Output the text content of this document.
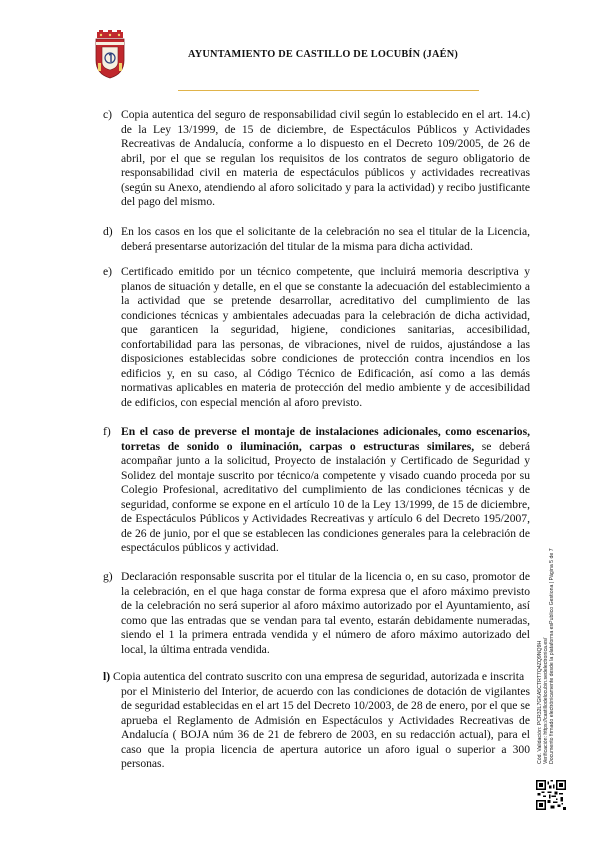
AYUNTAMIENTO DE CASTILLO DE LOCUBÍN (JAÉN)
c) Copia autentica del seguro de responsabilidad civil según lo establecido en el art. 14.c) de la Ley 13/1999, de 15 de diciembre, de Espectáculos Públicos y Actividades Recreativas de Andalucía, conforme a lo dispuesto en el Decreto 109/2005, de 26 de abril, por el que se regulan los requisitos de los contratos de seguro obligatorio de responsabilidad civil en materia de espectáculos públicos y actividades recreativas (según su Anexo, atendiendo al aforo solicitado y para la actividad) y recibo justificante del pago del mismo.
d) En los casos en los que el solicitante de la celebración no sea el titular de la Licencia, deberá presentarse autorización del titular de la misma para dicha actividad.
e) Certificado emitido por un técnico competente, que incluirá memoria descriptiva y planos de situación y detalle, en el que se constante la adecuación del establecimiento a la actividad que se pretende desarrollar, acreditativo del cumplimiento de las condiciones técnicas y ambientales adecuadas para la celebración de dicha actividad, que garanticen la seguridad, higiene, condiciones sanitarias, accesibilidad, confortabilidad para las personas, de vibraciones, nivel de ruidos, ajustándose a las disposiciones establecidas sobre condiciones de protección contra incendios en los edificios y, en su caso, al Código Técnico de Edificación, así como a las demás normativas aplicables en materia de protección del medio ambiente y de accesibilidad de edificios, con especial mención al aforo previsto.
f) En el caso de preverse el montaje de instalaciones adicionales, como escenarios, torretas de sonido o iluminación, carpas o estructuras similares, se deberá acompañar junto a la solicitud, Proyecto de instalación y Certificado de Seguridad y Solidez del montaje suscrito por técnico/a competente y visado cuando proceda por su Colegio Profesional, acreditativo del cumplimiento de las condiciones técnicas y de seguridad, conforme se expone en el artículo 10 de la Ley 13/1999, de 15 de diciembre, de Espectáculos Públicos y Actividades Recreativas y artículo 6 del Decreto 195/2007, de 26 de junio, por el que se establecen las condiciones generales para la celebración de espectáculos públicos y actividad.
g) Declaración responsable suscrita por el titular de la licencia o, en su caso, promotor de la celebración, en el que haga constar de forma expresa que el aforo máximo previsto de la celebración no será superior al aforo máximo autorizado por el Ayuntamiento, así como que las entradas que se vendan para tal evento, estarán debidamente numeradas, siendo el 1 la primera entrada vendida y el número de aforo máximo autorizado del local, la última entrada vendida.
l) Copia autentica del contrato suscrito con una empresa de seguridad, autorizada e inscrita
por el Ministerio del Interior, de acuerdo con las condiciones de dotación de vigilantes de seguridad establecidas en el art 15 del Decreto 10/2003, de 28 de enero, por el que se aprueba el Reglamento de Admisión en Espectáculos y Actividades Recreativas de Andalucía ( BOJA núm 36 de 21 de febrero de 2003, en su redacción actual), para el caso que la propia licencia de apertura autorice un aforo igual o superior a 300 personas.	Cód. Validación: PCR32L7GKA5CTRT7Q4ZQ9NQ9H Verificación: https://castillodelocubin.sedelectronica.es/ Documento firmado electrónicamente desde la plataforma esPublico Gestiona | Página 5 de 7
